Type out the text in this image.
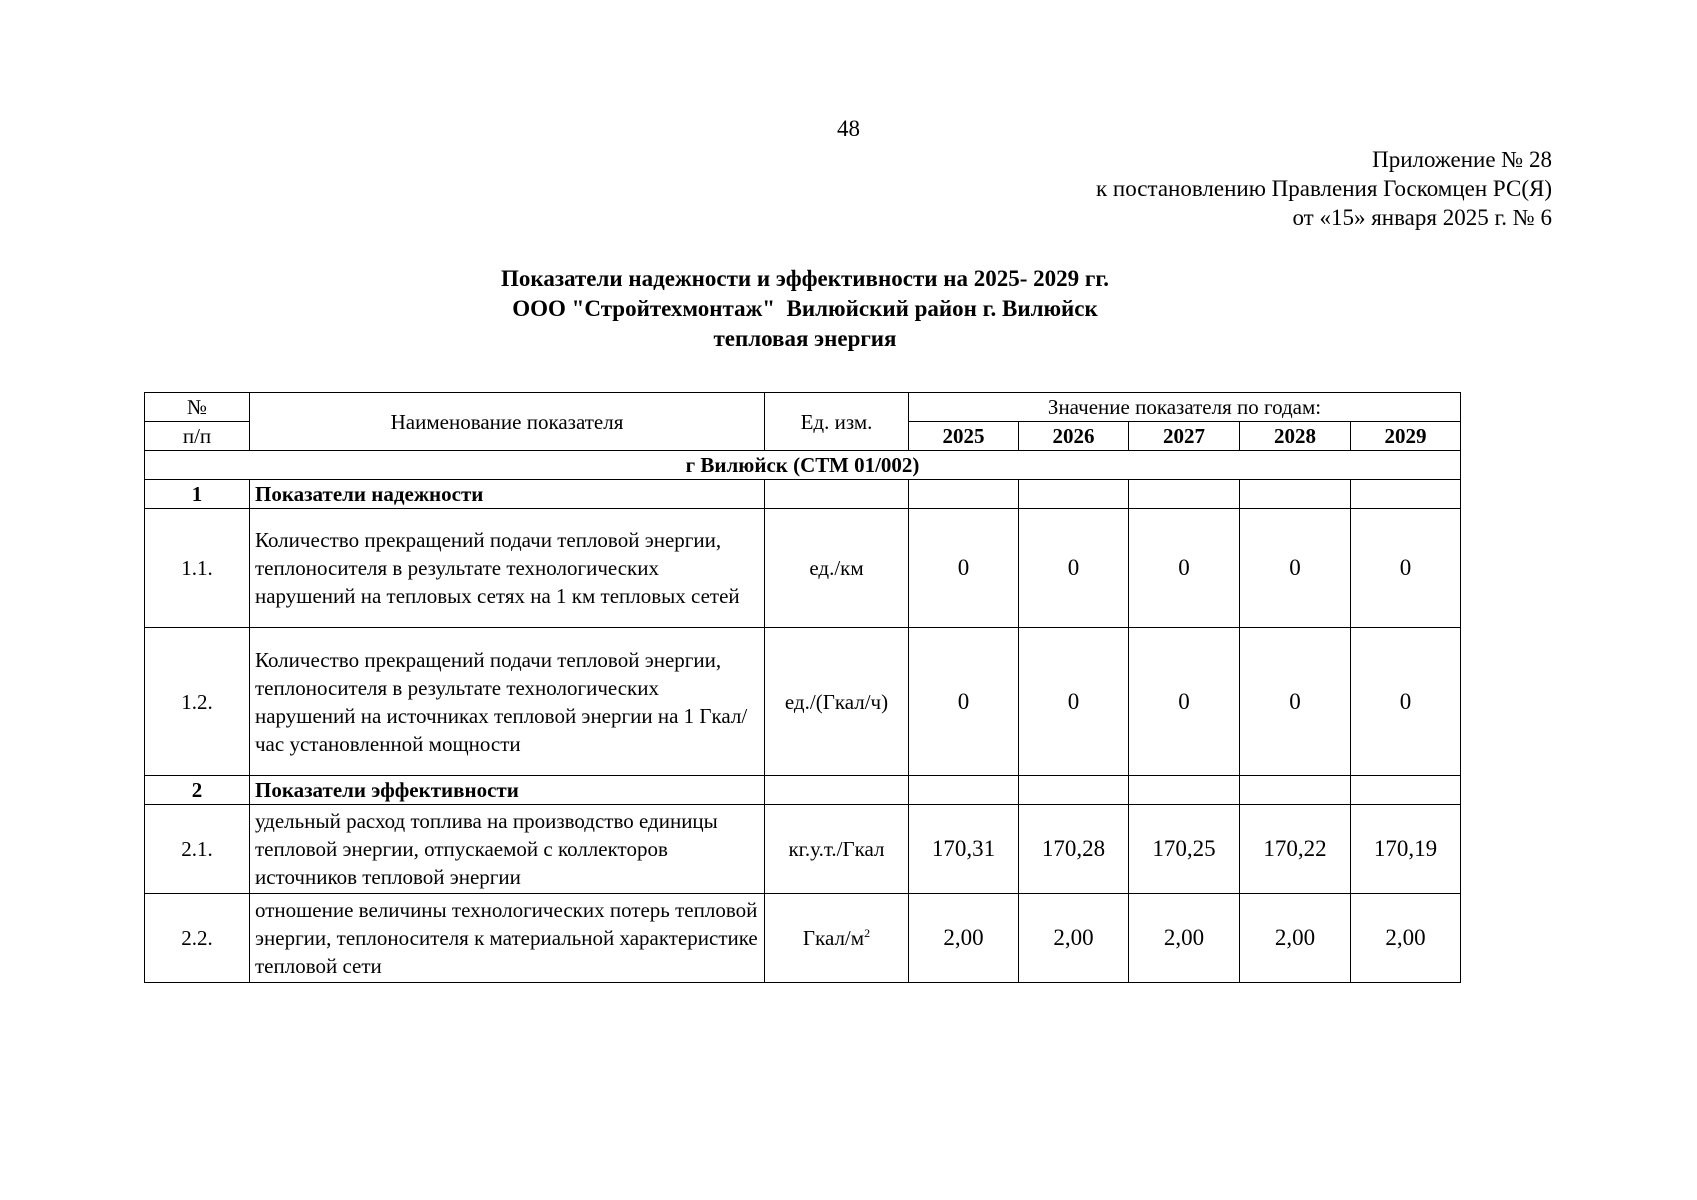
48
Приложение № 28
к постановлению Правления Госкомцен РС(Я)
от «15» января 2025 г. № 6
Показатели надежности и эффективности на 2025- 2029 гг.
ООО "Стройтехмонтаж"  Вилюйский район г. Вилюйск
тепловая энергия
№	Наименование показателя	Ед. изм.	Значение показателя по годам:				
п/п			2025	2026	2027	2028	2029
г Вилюйск (СТМ 01/002)							
1	Показатели надежности						
1.1.	Количество прекращений подачи тепловой энергии, теплоносителя в результате технологических нарушений на тепловых сетях на 1 км тепловых сетей	ед./км	0	0	0	0	0
1.2.	Количество прекращений подачи тепловой энергии, теплоносителя в результате технологических нарушений на источниках тепловой энергии на 1 Гкал/час установленной мощности	ед./(Гкал/ч)	0	0	0	0	0
2	Показатели эффективности						
2.1.	удельный расход топлива на производство единицы тепловой энергии, отпускаемой с коллекторов источников тепловой энергии	кг.у.т./Гкал	170,31	170,28	170,25	170,22	170,19
2.2.	отношение величины технологических потерь тепловой энергии, теплоносителя к материальной характеристике тепловой сети	Гкал/$м^2$	2,00	2,00	2,00	2,00	2,00
